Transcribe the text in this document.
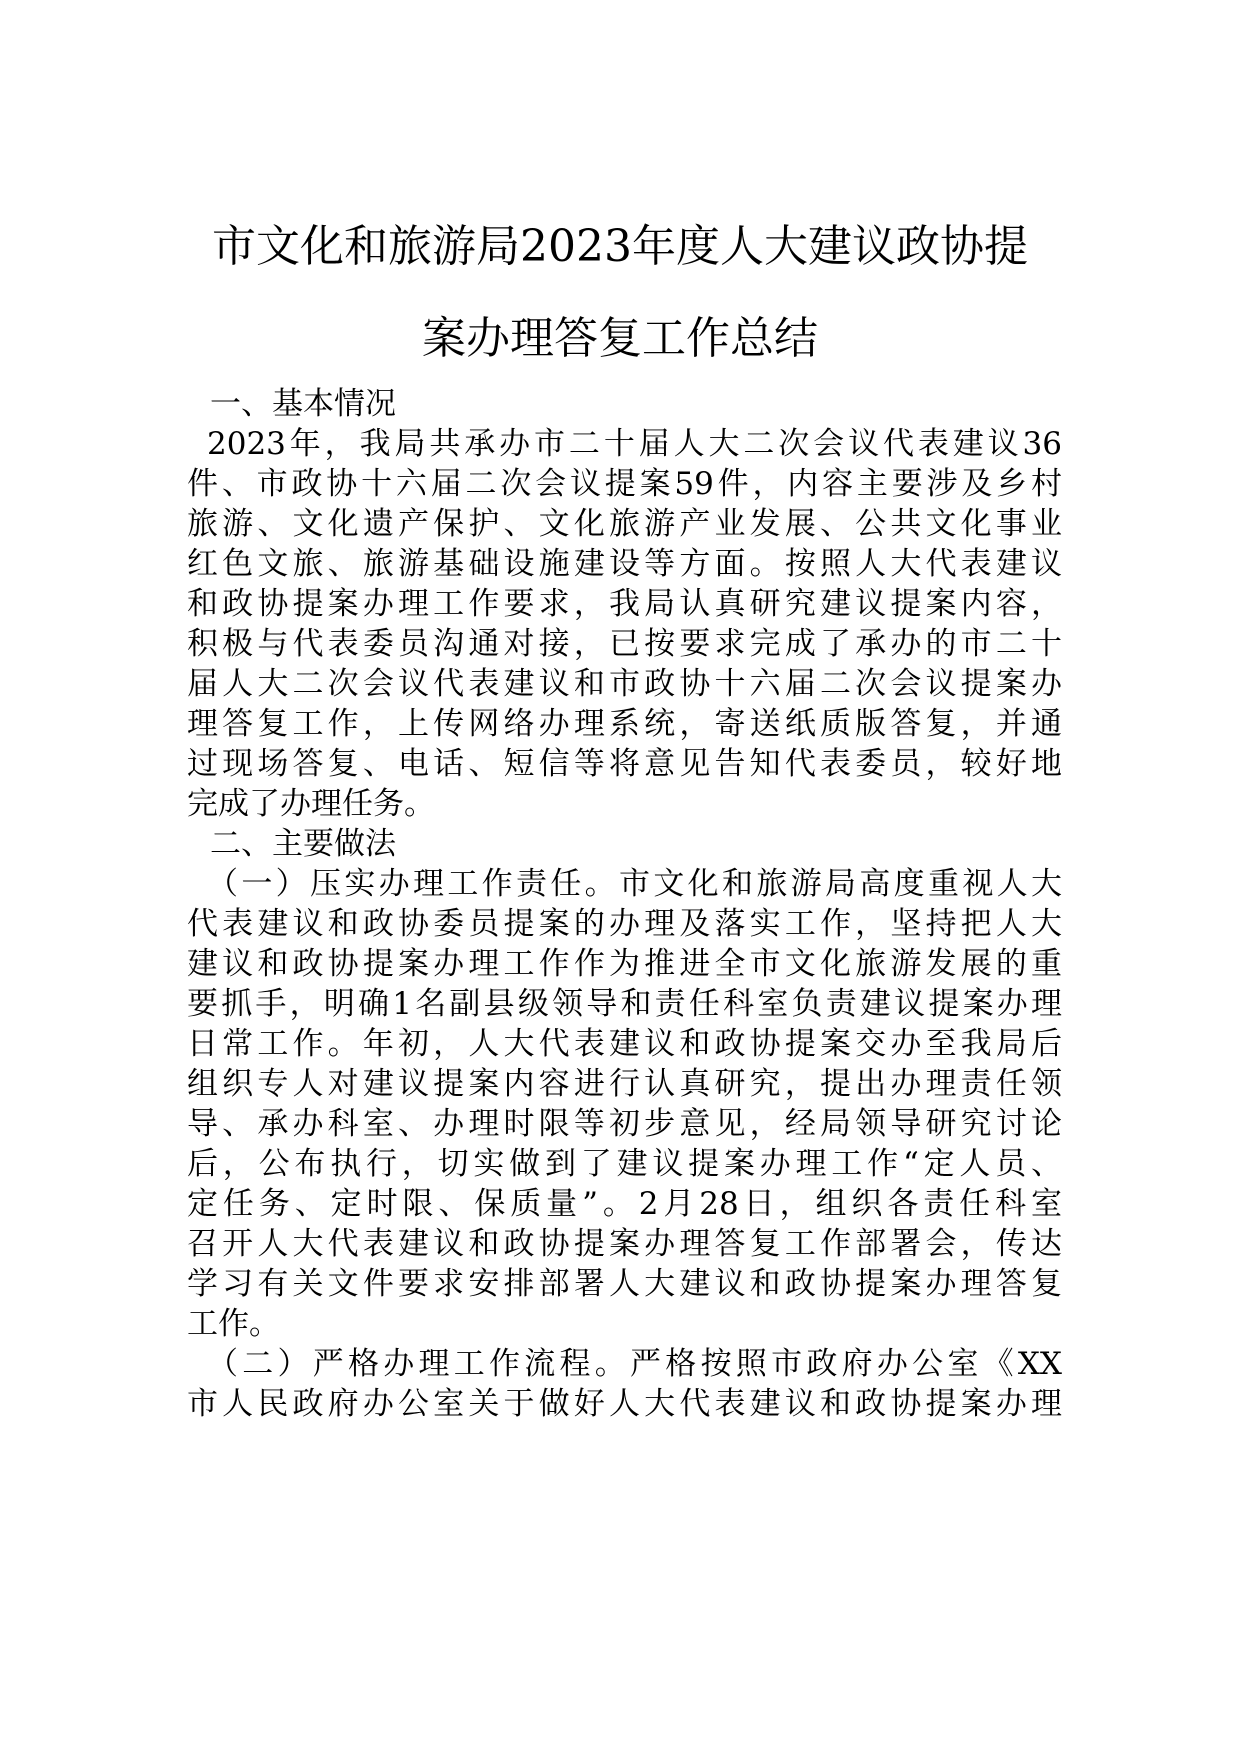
市文化和旅游局2023年度人大建议政协提
案办理答复工作总结

一、基本情况

2023年，我局共承办市二十届人大二次会议代表建议36

件、市政协十六届二次会议提案59件，内容主要涉及乡村

旅游、文化遗产保护、文化旅游产业发展、公共文化事业

红色文旅、旅游基础设施建设等方面。按照人大代表建议

和政协提案办理工作要求，我局认真研究建议提案内容，

积极与代表委员沟通对接，已按要求完成了承办的市二十

届人大二次会议代表建议和市政协十六届二次会议提案办

理答复工作，上传网络办理系统，寄送纸质版答复，并通

过现场答复、电话、短信等将意见告知代表委员，较好地

完成了办理任务。

二、主要做法

（一）压实办理工作责任。市文化和旅游局高度重视人大

代表建议和政协委员提案的办理及落实工作，坚持把人大

建议和政协提案办理工作作为推进全市文化旅游发展的重

要抓手，明确1名副县级领导和责任科室负责建议提案办理

日常工作。年初，人大代表建议和政协提案交办至我局后

组织专人对建议提案内容进行认真研究，提出办理责任领

导、承办科室、办理时限等初步意见，经局领导研究讨论

后，公布执行，切实做到了建议提案办理工作“定人员、

定任务、定时限、保质量”。2月28日，组织各责任科室

召开人大代表建议和政协提案办理答复工作部署会，传达

学习有关文件要求安排部署人大建议和政协提案办理答复

工作。

（二）严格办理工作流程。严格按照市政府办公室《XX

市人民政府办公室关于做好人大代表建议和政协提案办理
